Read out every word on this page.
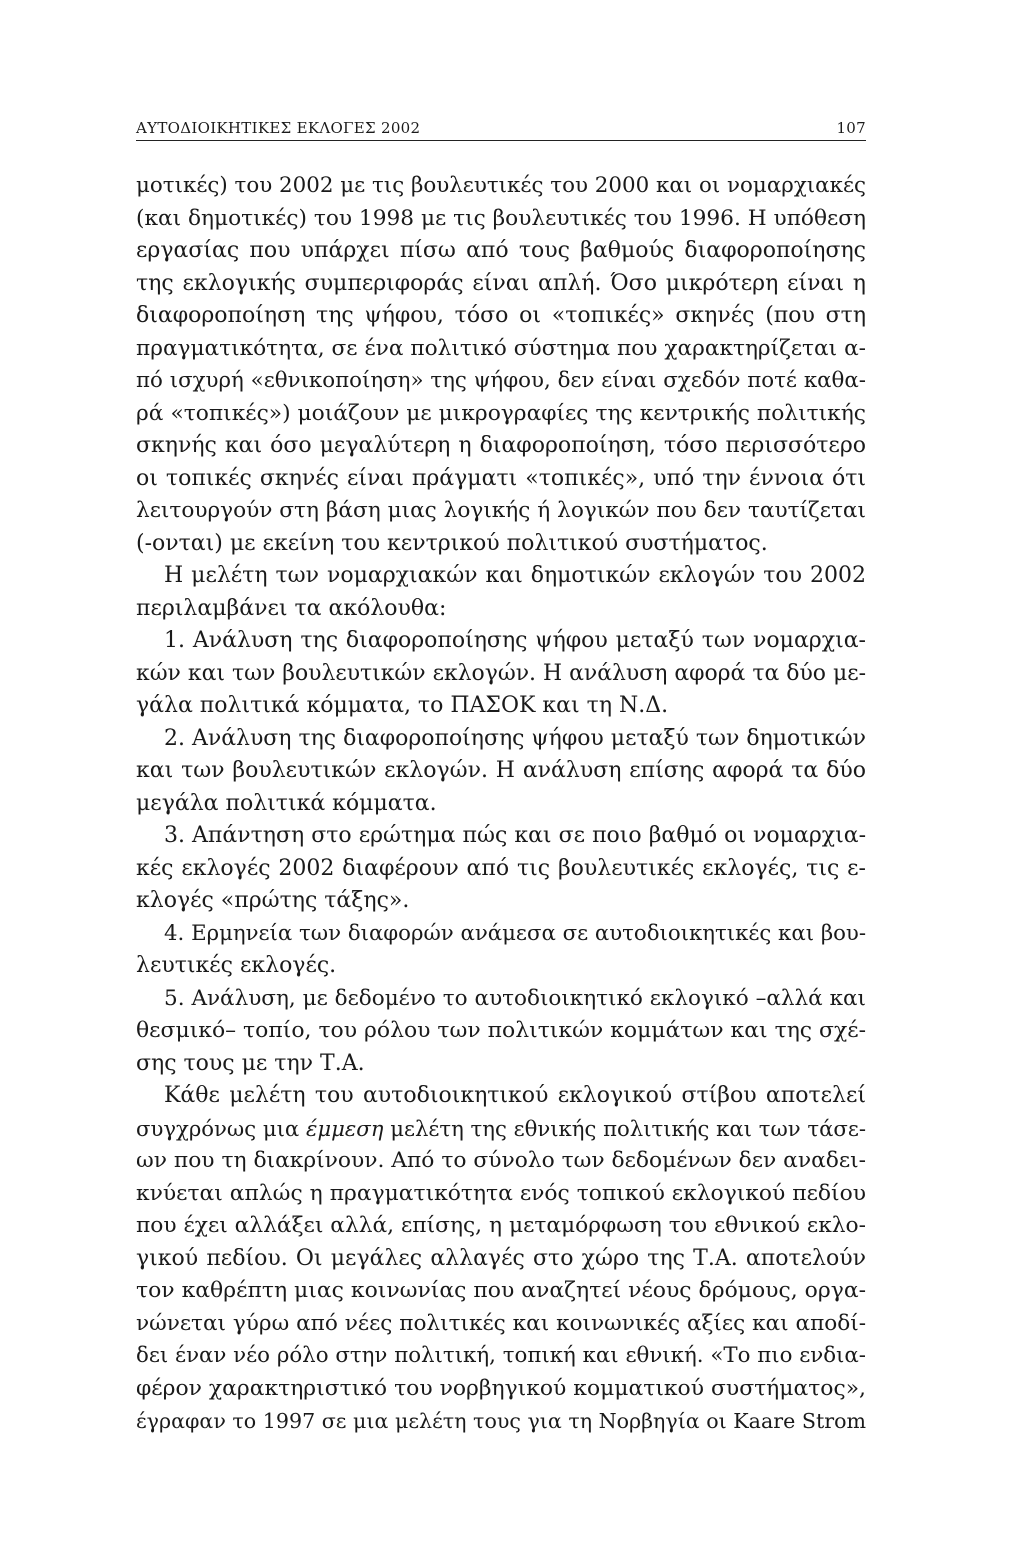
ΑΥΤΟΔΙΟΙΚΗΤΙΚΕΣ ΕΚΛΟΓΕΣ 2002	107
μοτικές) του 2002 με τις βουλευτικές του 2000 και οι νομαρχιακές
(και δημοτικές) του 1998 με τις βουλευτικές του 1996. Η υπόθεση
εργασίας που υπάρχει πίσω από τους βαθμούς διαφοροποίησης
της εκλογικής συμπεριφοράς είναι απλή. Όσο μικρότερη είναι η
διαφοροποίηση της ψήφου, τόσο οι «τοπικές» σκηνές (που στη
πραγματικότητα, σε ένα πολιτικό σύστημα που χαρακτηρίζεται α-
πό ισχυρή «εθνικοποίηση» της ψήφου, δεν είναι σχεδόν ποτέ καθα-
ρά «τοπικές») μοιάζουν με μικρογραφίες της κεντρικής πολιτικής
σκηνής και όσο μεγαλύτερη η διαφοροποίηση, τόσο περισσότερο
οι τοπικές σκηνές είναι πράγματι «τοπικές», υπό την έννοια ότι
λειτουργούν στη βάση μιας λογικής ή λογικών που δεν ταυτίζεται
(-ονται) με εκείνη του κεντρικού πολιτικού συστήματος.
Η μελέτη των νομαρχιακών και δημοτικών εκλογών του 2002
περιλαμβάνει τα ακόλουθα:
1. Ανάλυση της διαφοροποίησης ψήφου μεταξύ των νομαρχια-
κών και των βουλευτικών εκλογών. Η ανάλυση αφορά τα δύο με-
γάλα πολιτικά κόμματα, το ΠΑΣΟΚ και τη Ν.Δ.
2. Ανάλυση της διαφοροποίησης ψήφου μεταξύ των δημοτικών
και των βουλευτικών εκλογών. Η ανάλυση επίσης αφορά τα δύο
μεγάλα πολιτικά κόμματα.
3. Απάντηση στο ερώτημα πώς και σε ποιο βαθμό οι νομαρχια-
κές εκλογές 2002 διαφέρουν από τις βουλευτικές εκλογές, τις ε-
κλογές «πρώτης τάξης».
4. Ερμηνεία των διαφορών ανάμεσα σε αυτοδιοικητικές και βου-
λευτικές εκλογές.
5. Ανάλυση, με δεδομένο το αυτοδιοικητικό εκλογικό –αλλά και
θεσμικό– τοπίο, του ρόλου των πολιτικών κομμάτων και της σχέ-
σης τους με την Τ.Α.
Κάθε μελέτη του αυτοδιοικητικού εκλογικού στίβου αποτελεί
συγχρόνως μια έμμεση μελέτη της εθνικής πολιτικής και των τάσε-
ων που τη διακρίνουν. Από το σύνολο των δεδομένων δεν αναδει-
κνύεται απλώς η πραγματικότητα ενός τοπικού εκλογικού πεδίου
που έχει αλλάξει αλλά, επίσης, η μεταμόρφωση του εθνικού εκλο-
γικού πεδίου. Οι μεγάλες αλλαγές στο χώρο της Τ.Α. αποτελούν
τον καθρέπτη μιας κοινωνίας που αναζητεί νέους δρόμους, οργα-
νώνεται γύρω από νέες πολιτικές και κοινωνικές αξίες και αποδί-
δει έναν νέο ρόλο στην πολιτική, τοπική και εθνική. «Το πιο ενδια-
φέρον χαρακτηριστικό του νορβηγικού κομματικού συστήματος»,
έγραφαν το 1997 σε μια μελέτη τους για τη Νορβηγία οι Kaare Strom
